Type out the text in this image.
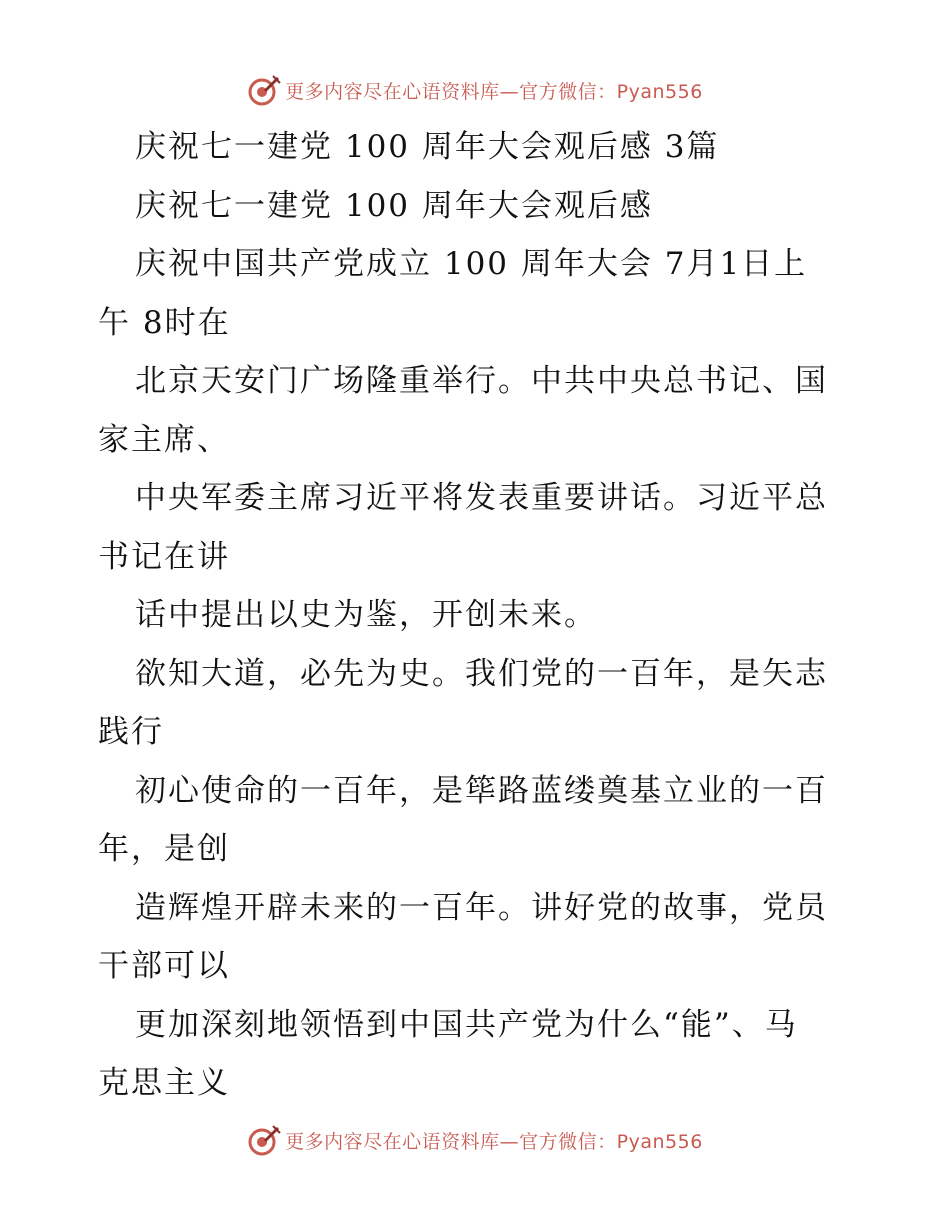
更多内容尽在心语资料库—官方微信：Pyan556

庆祝七一建党 100 周年大会观后感 3篇

庆祝七一建党 100 周年大会观后感

庆祝中国共产党成立 100 周年大会 7月1日上
午 8时在

北京天安门广场隆重举行。中共中央总书记、国
家主席、

中央军委主席习近平将发表重要讲话。习近平总
书记在讲

话中提出以史为鉴，开创未来。

欲知大道，必先为史。我们党的一百年，是矢志
践行

初心使命的一百年，是筚路蓝缕奠基立业的一百
年，是创

造辉煌开辟未来的一百年。讲好党的故事，党员
干部可以

更加深刻地领悟到中国共产党为什么“能”、马
克思主义

更多内容尽在心语资料库—官方微信：Pyan556
